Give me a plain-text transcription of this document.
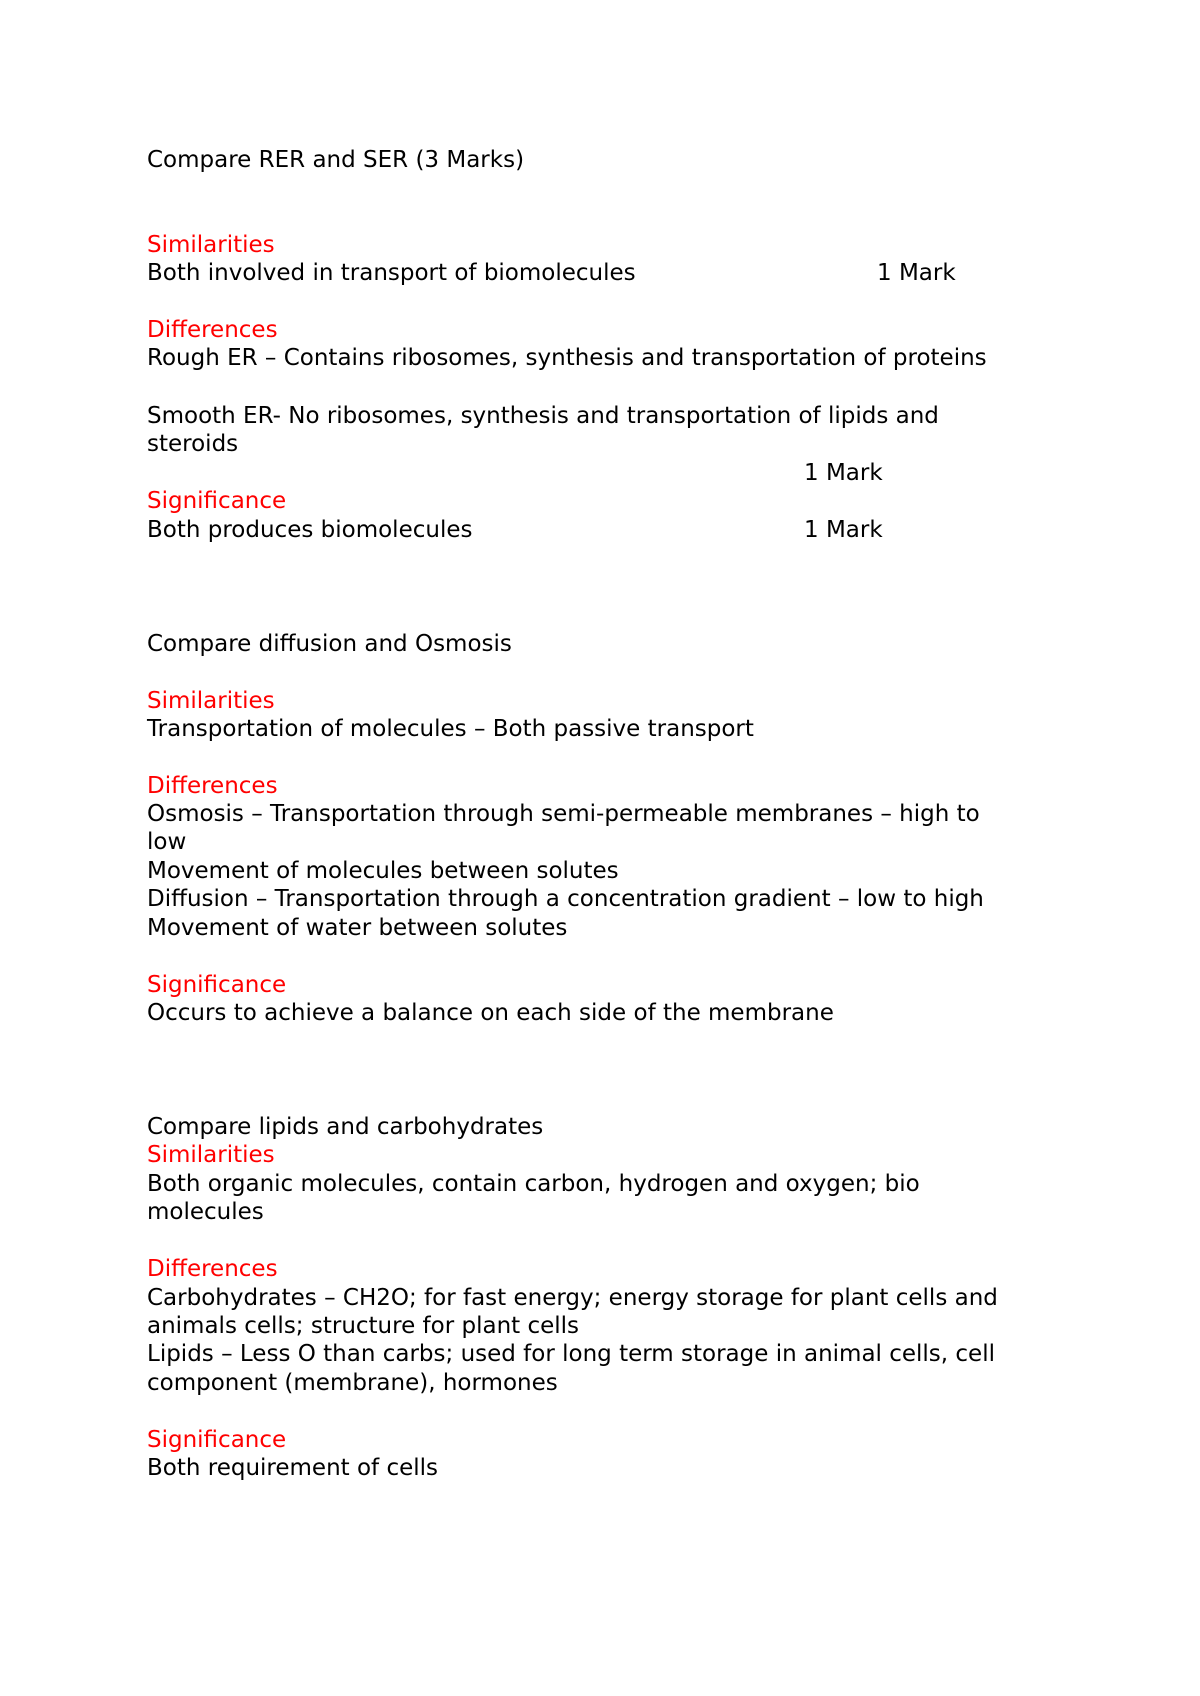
Compare RER and SER (3 Marks)

Similarities

Both involved in transport of biomolecules	1 Mark

Differences

Rough ER – Contains ribosomes, synthesis and transportation of proteins

Smooth ER- No ribosomes, synthesis and transportation of lipids and

steroids

1 Mark

Significance

Both produces biomolecules	1 Mark

Compare diffusion and Osmosis

Similarities

Transportation of molecules – Both passive transport

Differences

Osmosis – Transportation through semi-permeable membranes – high to

low

Movement of molecules between solutes

Diffusion – Transportation through a concentration gradient – low to high

Movement of water between solutes

Significance

Occurs to achieve a balance on each side of the membrane

Compare lipids and carbohydrates

Similarities

Both organic molecules, contain carbon, hydrogen and oxygen; bio

molecules

Differences

Carbohydrates – CH2O; for fast energy; energy storage for plant cells and

animals cells; structure for plant cells

Lipids – Less O than carbs; used for long term storage in animal cells, cell

component (membrane), hormones

Significance

Both requirement of cells
